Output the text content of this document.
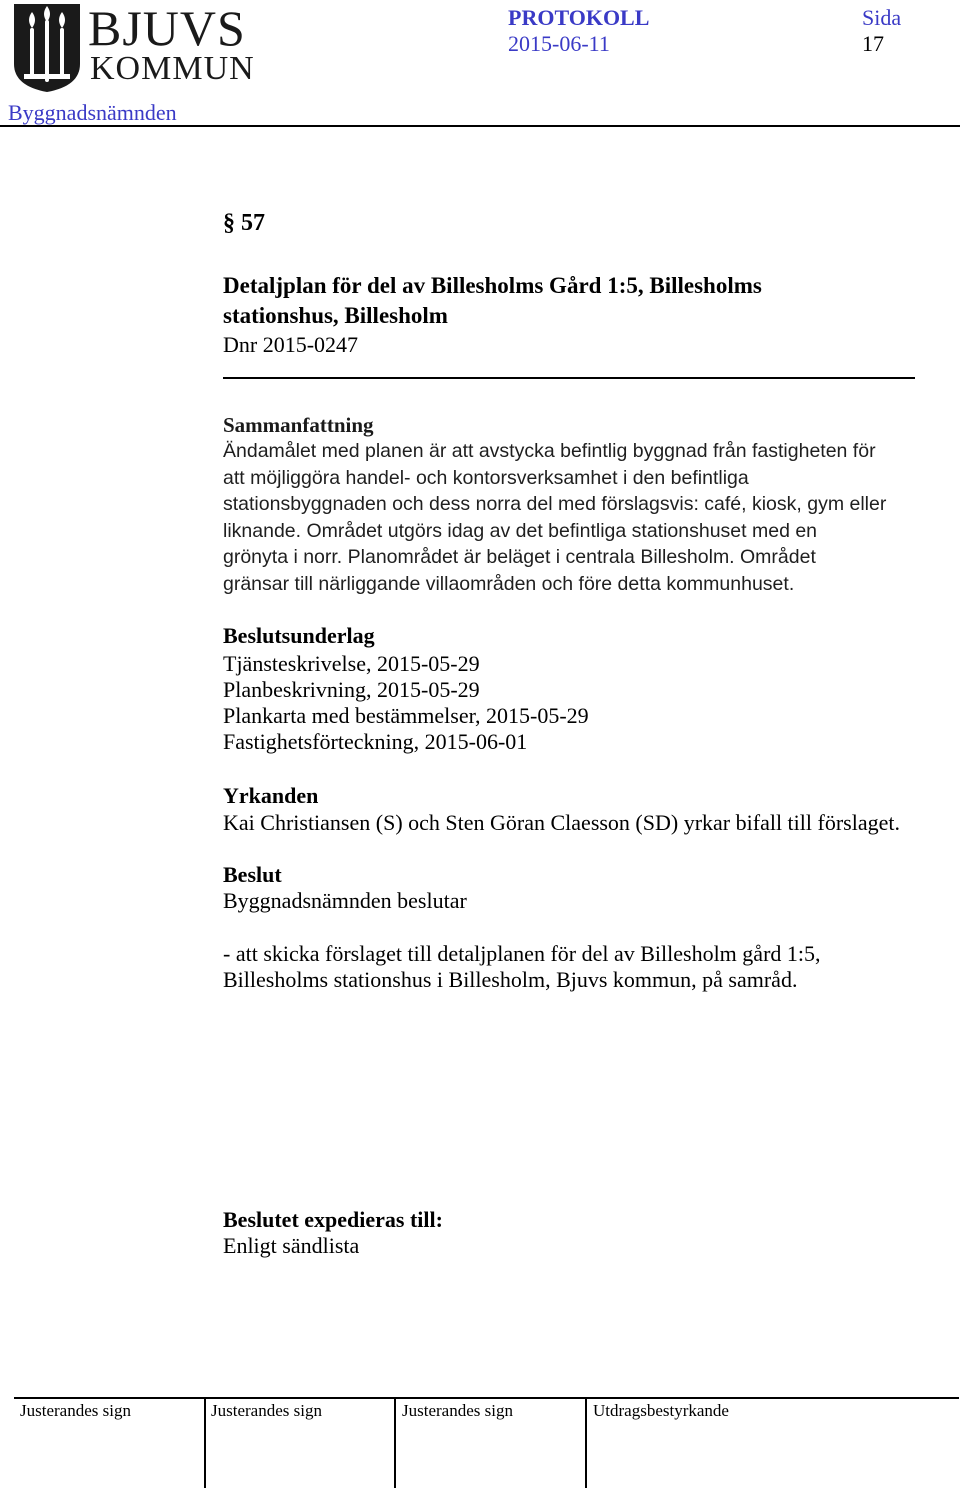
BJUVS
KOMMUN
PROTOKOLL	Sida
2015-06-11	17
Byggnadsnämnden
§ 57
Detaljplan för del av Billesholms Gård 1:5, Billesholms
stationshus, Billesholm
Dnr 2015-0247
Sammanfattning
Ändamålet med planen är att avstycka befintlig byggnad från fastigheten för
att möjliggöra handel- och kontorsverksamhet i den befintliga
stationsbyggnaden och dess norra del med förslagsvis: café, kiosk, gym eller
liknande. Området utgörs idag av det befintliga stationshuset med en
grönyta i norr. Planområdet är beläget i centrala Billesholm. Området
gränsar till närliggande villaområden och före detta kommunhuset.
Beslutsunderlag
Tjänsteskrivelse, 2015-05-29
Planbeskrivning, 2015-05-29
Plankarta med bestämmelser, 2015-05-29
Fastighetsförteckning, 2015-06-01
Yrkanden
Kai Christiansen (S) och Sten Göran Claesson (SD) yrkar bifall till förslaget.
Beslut
Byggnadsnämnden beslutar
- att skicka förslaget till detaljplanen för del av Billesholm gård 1:5,
Billesholms stationshus i Billesholm, Bjuvs kommun, på samråd.
Beslutet expedieras till:
Enligt sändlista
Justerandes sign	Justerandes sign	Justerandes sign	Utdragsbestyrkande
